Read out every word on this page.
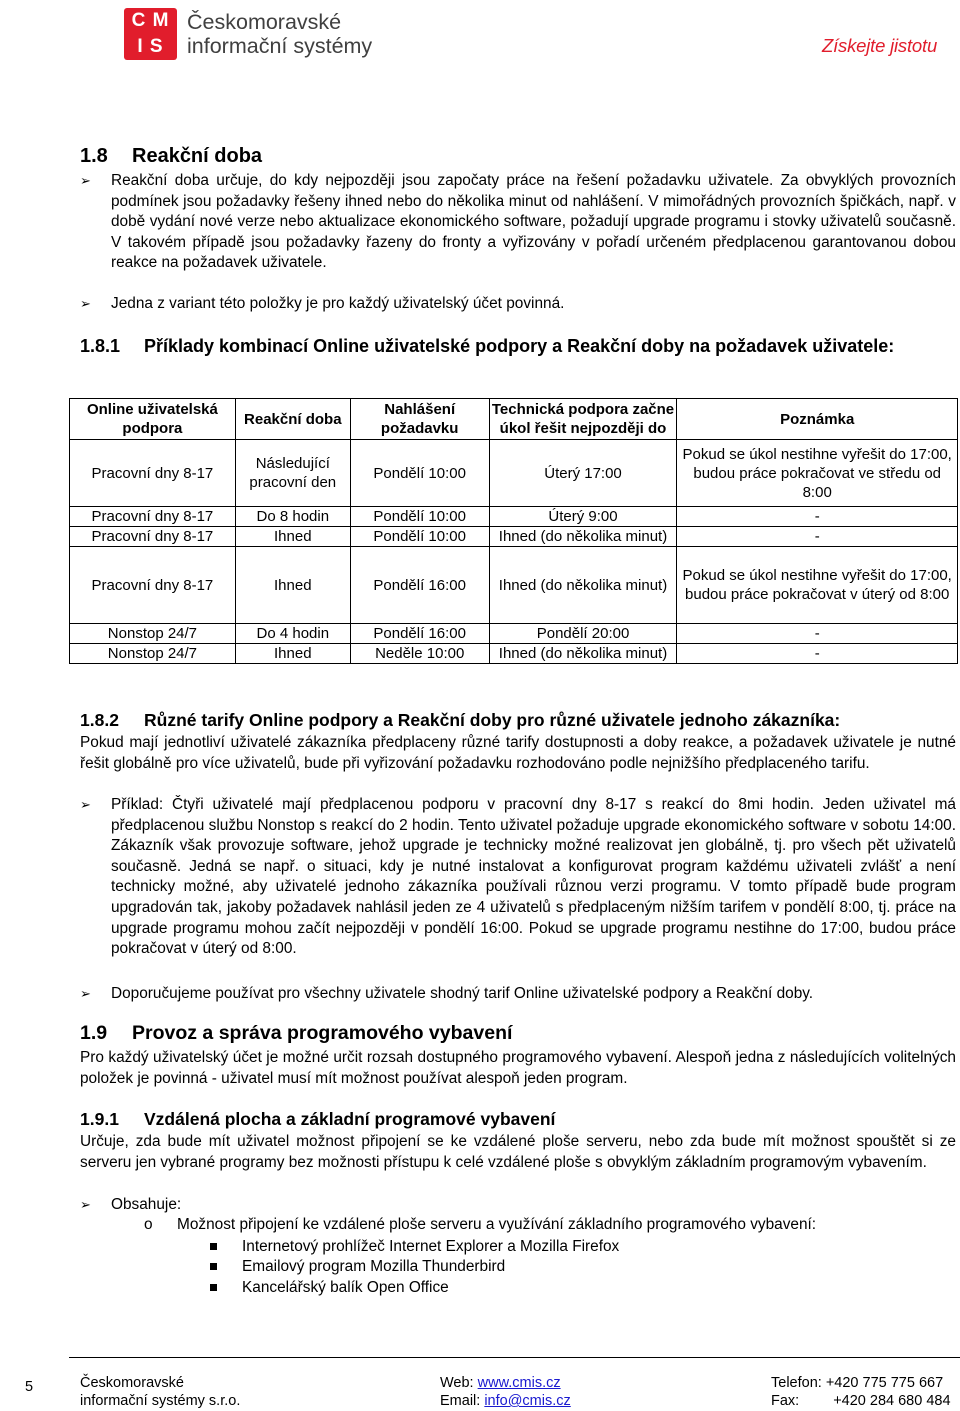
C M
I S
Českomoravské
informační systémy	Získejte jistotu
1.8 Reakční doba
➢ Reakční doba určuje, do kdy nejpozději jsou započaty práce na řešení požadavku uživatele. Za obvyklých provozních podmínek jsou požadavky řešeny ihned nebo do několika minut od nahlášení. V mimořádných provozních špičkách, např. v době vydání nové verze nebo aktualizace ekonomického software, požadují upgrade programu i stovky uživatelů současně. V takovém případě jsou požadavky řazeny do fronty a vyřizovány v pořadí určeném předplacenou garantovanou dobou reakce na požadavek uživatele.
➢ Jedna z variant této položky je pro každý uživatelský účet povinná.
1.8.1	Příklady kombinací Online uživatelské podpory a Reakční doby na požadavek uživatele:
Online uživatelská podpora	Reakční doba	Nahlášení požadavku	Technická podpora začne úkol řešit nejpozději do	Poznámka
Pracovní dny 8-17	Následující pracovní den	Pondělí 10:00	Úterý 17:00	Pokud se úkol nestihne vyřešit do 17:00, budou práce pokračovat ve středu od 8:00
Pracovní dny 8-17	Do 8 hodin	Pondělí 10:00	Úterý 9:00	-
Pracovní dny 8-17	Ihned	Pondělí 10:00	Ihned (do několika minut)	-
Pracovní dny 8-17	Ihned	Pondělí 16:00	Ihned (do několika minut)	Pokud se úkol nestihne vyřešit do 17:00, budou práce pokračovat v úterý od 8:00
Nonstop 24/7	Do 4 hodin	Pondělí 16:00	Pondělí 20:00	-
Nonstop 24/7	Ihned	Neděle 10:00	Ihned (do několika minut)	-
1.8.2 Různé tarify Online podpory a Reakční doby pro různé uživatele jednoho zákazníka:
Pokud mají jednotliví uživatelé zákazníka předplaceny různé tarify dostupnosti a doby reakce, a požadavek uživatele je nutné řešit globálně pro více uživatelů, bude při vyřizování požadavku rozhodováno podle nejnižšího předplaceného tarifu.
➢ Příklad: Čtyři uživatelé mají předplacenou podporu v pracovní dny 8-17 s reakcí do 8mi hodin. Jeden uživatel má předplacenou službu Nonstop s reakcí do 2 hodin. Tento uživatel požaduje upgrade ekonomického software v sobotu 14:00. Zákazník však provozuje software, jehož upgrade je technicky možné realizovat jen globálně, tj. pro všech pět uživatelů současně. Jedná se např. o situaci, kdy je nutné instalovat a konfigurovat program každému uživateli zvlášť a není technicky možné, aby uživatelé jednoho zákazníka používali různou verzi programu. V tomto případě bude program upgradován tak, jakoby požadavek nahlásil jeden ze 4 uživatelů s předplaceným nižším tarifem v pondělí 8:00, tj. práce na upgrade programu mohou začít nejpozději v pondělí 16:00. Pokud se upgrade programu nestihne do 17:00, budou práce pokračovat v úterý od 8:00.
➢ Doporučujeme používat pro všechny uživatele shodný tarif Online uživatelské podpory a Reakční doby.
1.9 Provoz a správa programového vybavení
Pro každý uživatelský účet je možné určit rozsah dostupného programového vybavení. Alespoň jedna z následujících volitelných položek je povinná - uživatel musí mít možnost používat alespoň jeden program.
1.9.1 Vzdálená plocha a základní programové vybavení
Určuje, zda bude mít uživatel možnost připojení se ke vzdálené ploše serveru, nebo zda bude mít možnost spouštět si ze serveru jen vybrané programy bez možnosti přístupu k celé vzdálené ploše s obvyklým základním programovým vybavením.
➢ Obsahuje:
o Možnost připojení ke vzdálené ploše serveru a využívání základního programového vybavení:
Internetový prohlížeč Internet Explorer a Mozilla Firefox
Emailový program Mozilla Thunderbird
Kancelářský balík Open Office
5	Českomoravské
informační systémy s.r.o.
Web: www.cmis.cz
Email: info@cmis.cz
Telefon: +420 775 775 667
Fax: +420 284 680 484
